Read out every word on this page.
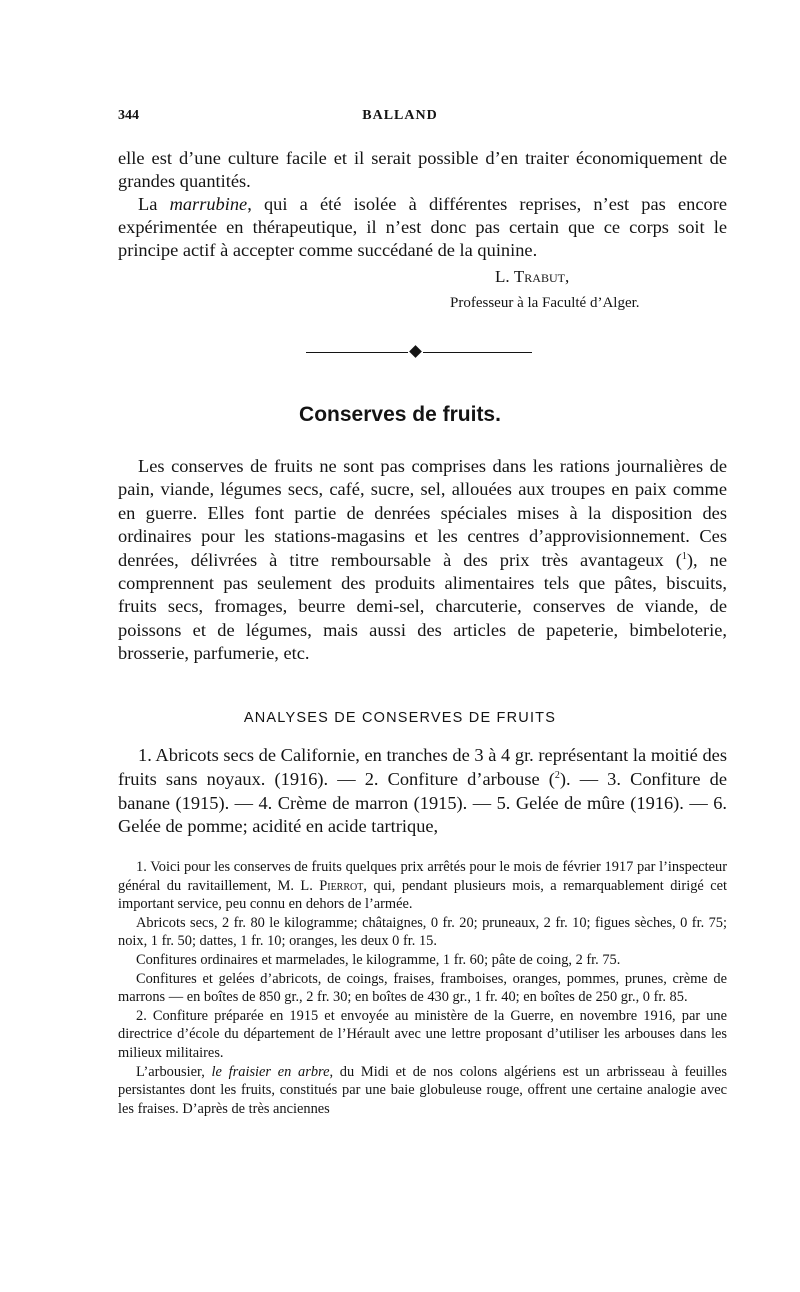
344	BALLAND
elle est d’une culture facile et il serait possible d’en traiter économiquement de grandes quantités.
La marrubine, qui a été isolée à différentes reprises, n’est pas encore expérimentée en thérapeutique, il n’est donc pas certain que ce corps soit le principe actif à accepter comme succédané de la quinine.
L. Trabut,
Professeur à la Faculté d’Alger.
Conserves de fruits.
Les conserves de fruits ne sont pas comprises dans les rations journalières de pain, viande, légumes secs, café, sucre, sel, allouées aux troupes en paix comme en guerre. Elles font partie de denrées spéciales mises à la disposition des ordinaires pour les stations-magasins et les centres d’approvisionnement. Ces denrées, délivrées à titre remboursable à des prix très avantageux ($^1$), ne comprennent pas seulement des produits alimentaires tels que pâtes, biscuits, fruits secs, fromages, beurre demi-sel, charcuterie, conserves de viande, de poissons et de légumes, mais aussi des articles de papeterie, bimbeloterie, brosserie, parfumerie, etc.
ANALYSES DE CONSERVES DE FRUITS
1. Abricots secs de Californie, en tranches de 3 à 4 gr. représentant la moitié des fruits sans noyaux. (1916). — 2. Confiture d’arbouse ($^2$). — 3. Confiture de banane (1915). — 4. Crème de marron (1915). — 5. Gelée de mûre (1916). — 6. Gelée de pomme; acidité en acide tartrique,

1. Voici pour les conserves de fruits quelques prix arrêtés pour le mois de février 1917 par l’inspecteur général du ravitaillement, M. L. Pierrot, qui, pendant plusieurs mois, a remarquablement dirigé cet important service, peu connu en dehors de l’armée.

Abricots secs, 2 fr. 80 le kilogramme; châtaignes, 0 fr. 20; pruneaux, 2 fr. 10; figues sèches, 0 fr. 75; noix, 1 fr. 50; dattes, 1 fr. 10; oranges, les deux 0 fr. 15.

Confitures ordinaires et marmelades, le kilogramme, 1 fr. 60; pâte de coing, 2 fr. 75.

Confitures et gelées d’abricots, de coings, fraises, framboises, oranges, pommes, prunes, crème de marrons — en boîtes de 850 gr., 2 fr. 30; en boîtes de 430 gr., 1 fr. 40; en boîtes de 250 gr., 0 fr. 85.

2. Confiture préparée en 1915 et envoyée au ministère de la Guerre, en novembre 1916, par une directrice d’école du département de l’Hérault avec une lettre proposant d’utiliser les arbouses dans les milieux militaires.

L’arbousier, le fraisier en arbre, du Midi et de nos colons algériens est un arbrisseau à feuilles persistantes dont les fruits, constitués par une baie globuleuse rouge, offrent une certaine analogie avec les fraises. D’après de très anciennes
